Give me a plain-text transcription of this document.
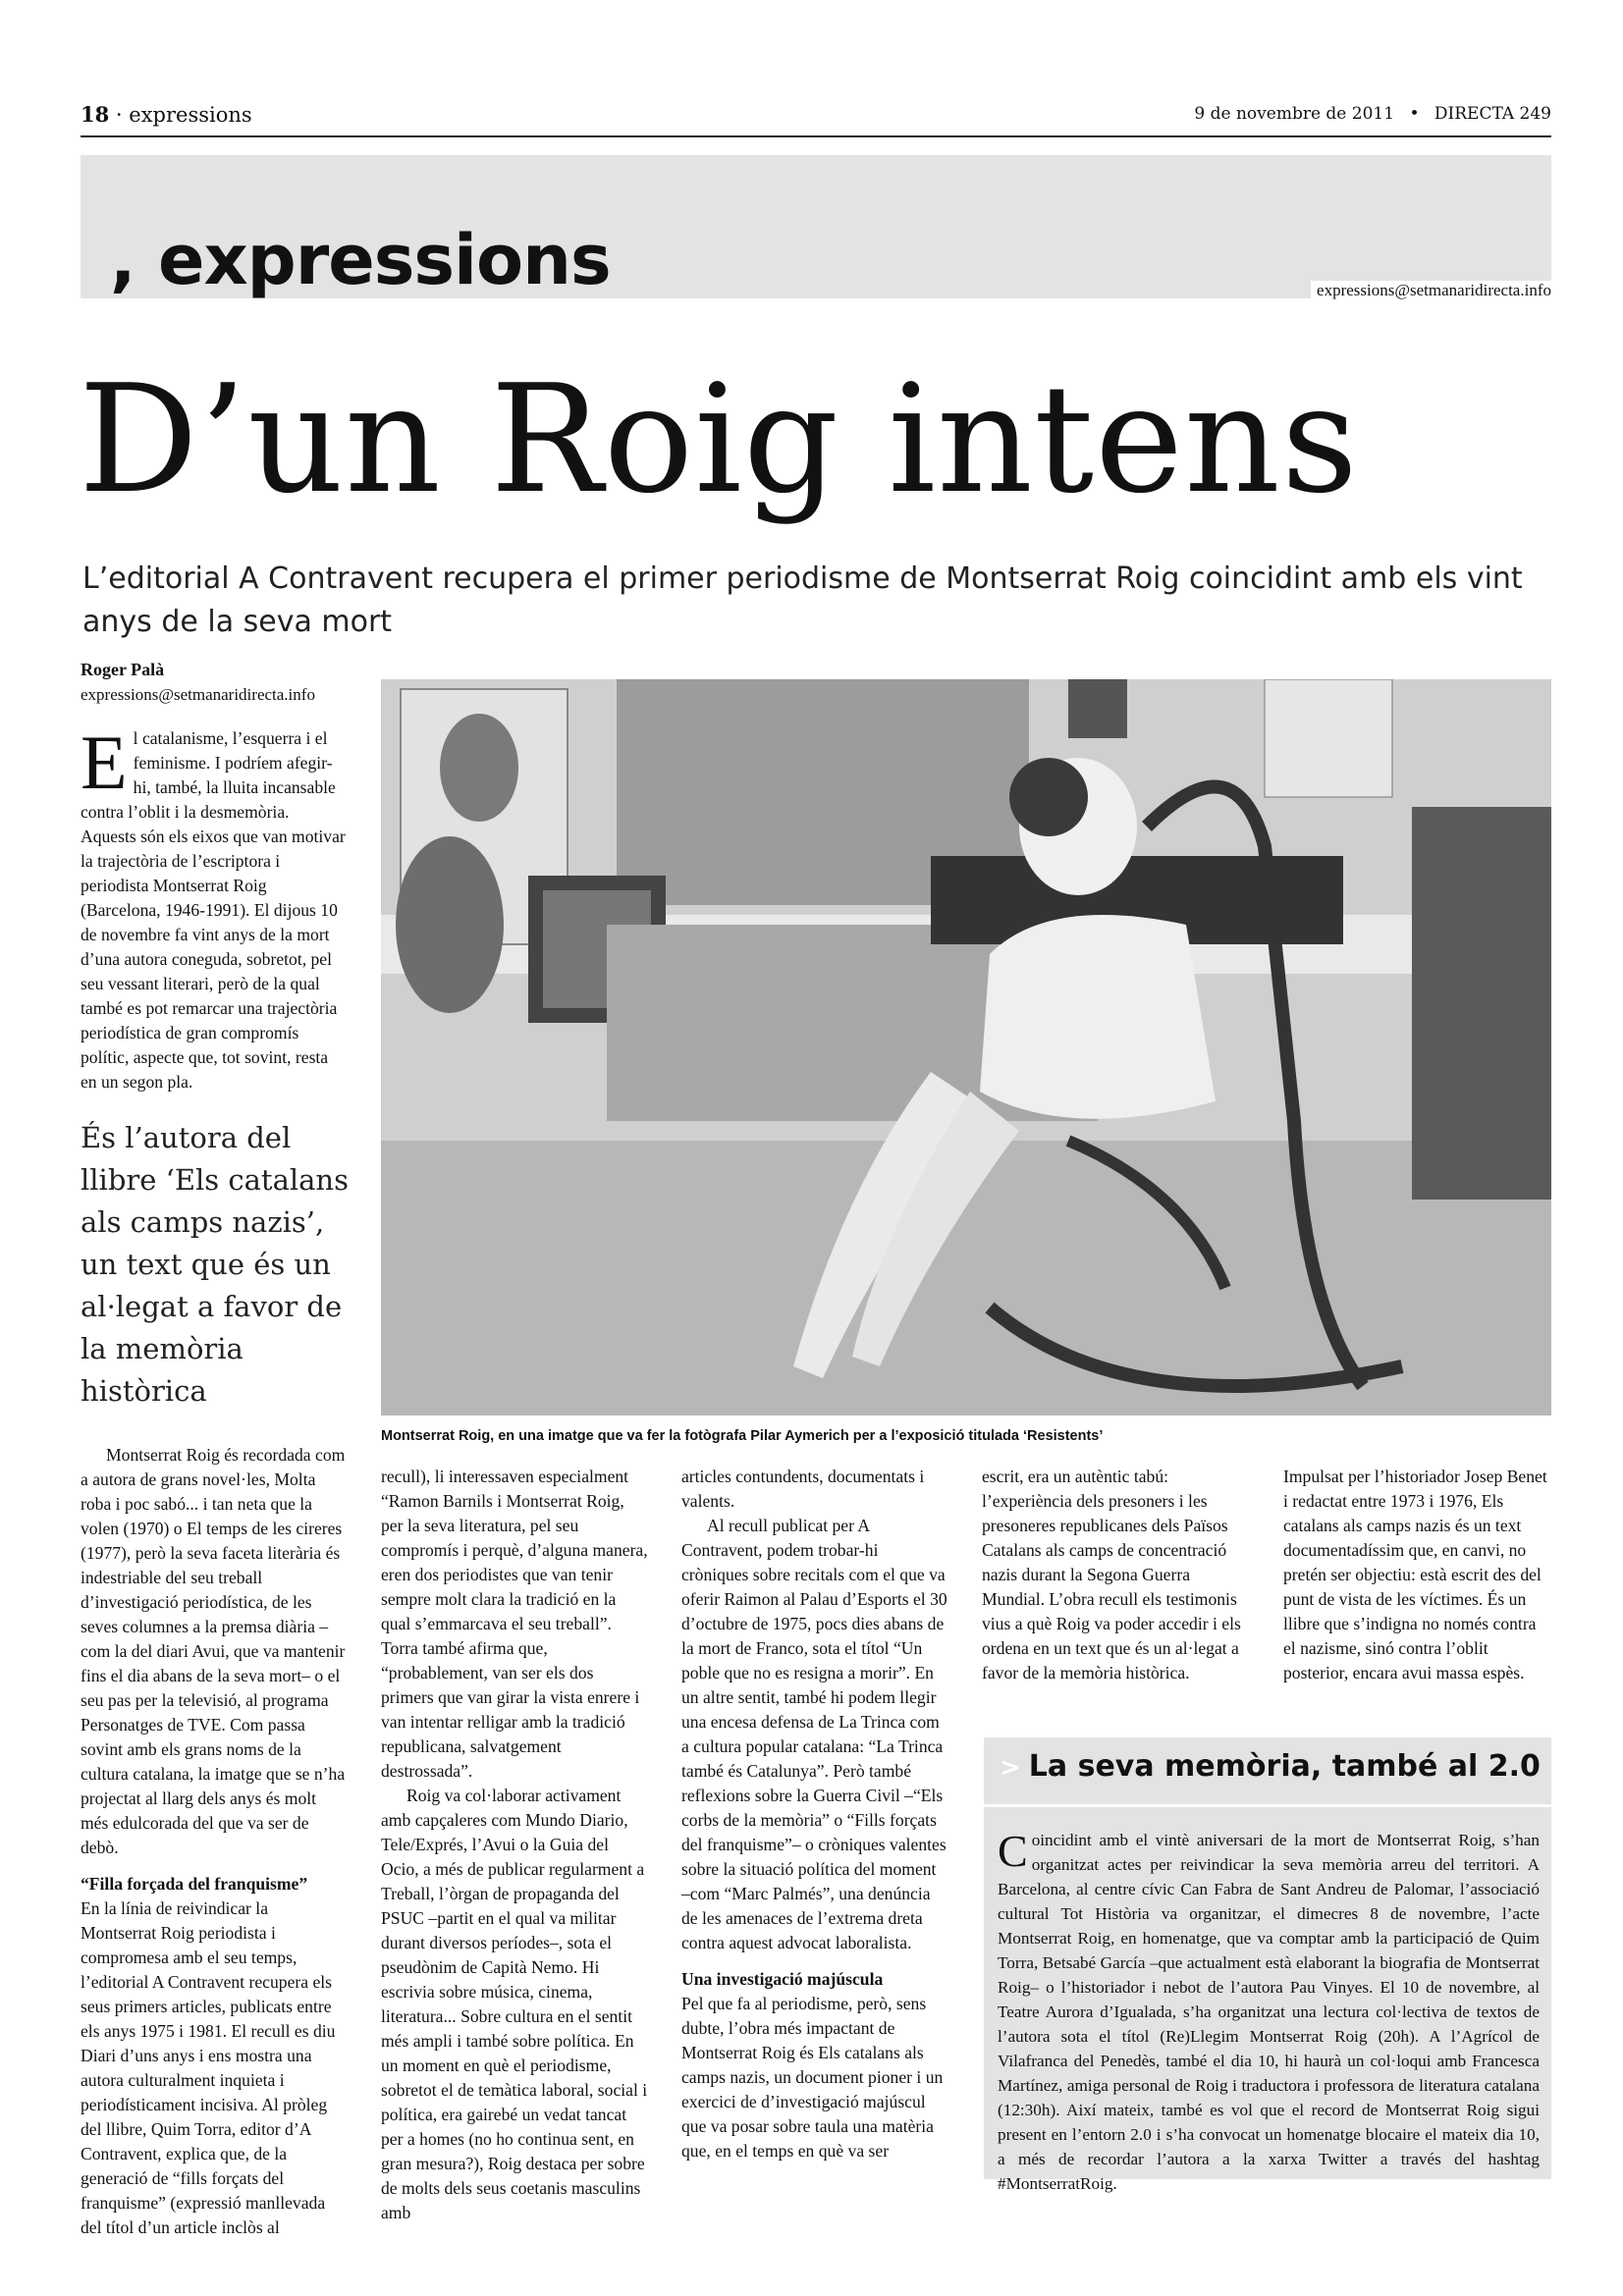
18 · expressions	9 de novembre de 2011 • DIRECTA 249
, expressions	expressions@setmanaridirecta.info
D’un Roig intens
L’editorial A Contravent recupera el primer periodisme de Montserrat Roig coincidint amb els vint anys de la seva mort
Roger Palà
expressions@setmanaridirecta.info
E l catalanisme, l’esquerra i el feminisme. I podríem afegir-hi, també, la lluita incansable contra l’oblit i la desmemòria. Aquests són els eixos que van motivar la trajectòria de l’escriptora i periodista Montserrat Roig (Barcelona, 1946-1991). El dijous 10 de novembre fa vint anys de la mort d’una autora coneguda, sobretot, pel seu vessant literari, però de la qual també es pot remarcar una trajectòria periodística de gran compromís polític, aspecte que, tot sovint, resta en un segon pla.
És l’autora del llibre ‘Els catalans als camps nazis’, un text que és un al·legat a favor de la memòria històrica
Montserrat Roig, en una imatge que va fer la fotògrafa Pilar Aymerich per a l’exposició titulada ‘Resistents’

Montserrat Roig és recordada com a autora de grans novel·les, Molta roba i poc sabó... i tan neta que la volen (1970) o El temps de les cireres (1977), però la seva faceta literària és indestriable del seu treball d’investigació periodística, de les seves columnes a la premsa diària –com la del diari Avui, que va mantenir fins el dia abans de la seva mort– o el seu pas per la televisió, al programa Personatges de TVE. Com passa sovint amb els grans noms de la cultura catalana, la imatge que se n’ha projectat al llarg dels anys és molt més edulcorada del que va ser de debò.

“Filla forçada del franquisme”

En la línia de reivindicar la Montserrat Roig periodista i compromesa amb el seu temps, l’editorial A Contravent recupera els seus primers articles, publicats entre els anys 1975 i 1981. El recull es diu Diari d’uns anys i ens mostra una autora culturalment inquieta i periodísticament incisiva. Al pròleg del llibre, Quim Torra, editor d’A Contravent, explica que, de la generació de “fills forçats del franquisme” (expressió manllevada del títol d’un article inclòs al

recull), li interessaven especialment “Ramon Barnils i Montserrat Roig, per la seva literatura, pel seu compromís i perquè, d’alguna manera, eren dos periodistes que van tenir sempre molt clara la tradició en la qual s’emmarcava el seu treball”. Torra també afirma que, “probablement, van ser els dos primers que van girar la vista enrere i van intentar relligar amb la tradició republicana, salvatgement destrossada”.

Roig va col·laborar activament amb capçaleres com Mundo Diario, Tele/Exprés, l’Avui o la Guia del Ocio, a més de publicar regularment a Treball, l’òrgan de propaganda del PSUC –partit en el qual va militar durant diversos períodes–, sota el pseudònim de Capità Nemo. Hi escrivia sobre música, cinema, literatura... Sobre cultura en el sentit més ampli i també sobre política. En un moment en què el periodisme, sobretot el de temàtica laboral, social i política, era gairebé un vedat tancat per a homes (no ho continua sent, en gran mesura?), Roig destaca per sobre de molts dels seus coetanis masculins amb

articles contundents, documentats i valents.

Al recull publicat per A Contravent, podem trobar-hi cròniques sobre recitals com el que va oferir Raimon al Palau d’Esports el 30 d’octubre de 1975, pocs dies abans de la mort de Franco, sota el títol “Un poble que no es resigna a morir”. En un altre sentit, també hi podem llegir una encesa defensa de La Trinca com a cultura popular catalana: “La Trinca també és Catalunya”. Però també reflexions sobre la Guerra Civil –“Els corbs de la memòria” o “Fills forçats del franquisme”– o cròniques valentes sobre la situació política del moment –com “Marc Palmés”, una denúncia de les amenaces de l’extrema dreta contra aquest advocat laboralista.

Una investigació majúscula

Pel que fa al periodisme, però, sens dubte, l’obra més impactant de Montserrat Roig és Els catalans als camps nazis, un document pioner i un exercici de d’investigació majúscul que va posar sobre taula una matèria que, en el temps en què va ser

escrit, era un autèntic tabú: l’experiència dels presoners i les presoneres republicanes dels Països Catalans als camps de concentració nazis durant la Segona Guerra Mundial. L’obra recull els testimonis vius a què Roig va poder accedir i els ordena en un text que és un al·legat a favor de la memòria històrica.

Impulsat per l’historiador Josep Benet i redactat entre 1973 i 1976, Els catalans als camps nazis és un text documentadíssim que, en canvi, no pretén ser objectiu: està escrit des del punt de vista de les víctimes. És un llibre que s’indigna no només contra el nazisme, sinó contra l’oblit posterior, encara avui massa espès.

> La seva memòria, també al 2.0
C oincidint amb el vintè aniversari de la mort de Montserrat Roig, s’han organitzat actes per reivindicar la seva memòria arreu del territori. A Barcelona, al centre cívic Can Fabra de Sant Andreu de Palomar, l’associació cultural Tot Història va organitzar, el dimecres 8 de novembre, l’acte Montserrat Roig, en homenatge, que va comptar amb la participació de Quim Torra, Betsabé García –que actualment està elaborant la biografia de Montserrat Roig– o l’historiador i nebot de l’autora Pau Vinyes. El 10 de novembre, al Teatre Aurora d’Igualada, s’ha organitzat una lectura col·lectiva de textos de l’autora sota el títol (Re)Llegim Montserrat Roig (20h). A l’Agrícol de Vilafranca del Penedès, també el dia 10, hi haurà un col·loqui amb Francesca Martínez, amiga personal de Roig i traductora i professora de literatura catalana (12:30h). Així mateix, també es vol que el record de Montserrat Roig sigui present en l’entorn 2.0 i s’ha convocat un homenatge blocaire el mateix dia 10, a més de recordar l’autora a la xarxa Twitter a través del hashtag #MontserratRoig.
